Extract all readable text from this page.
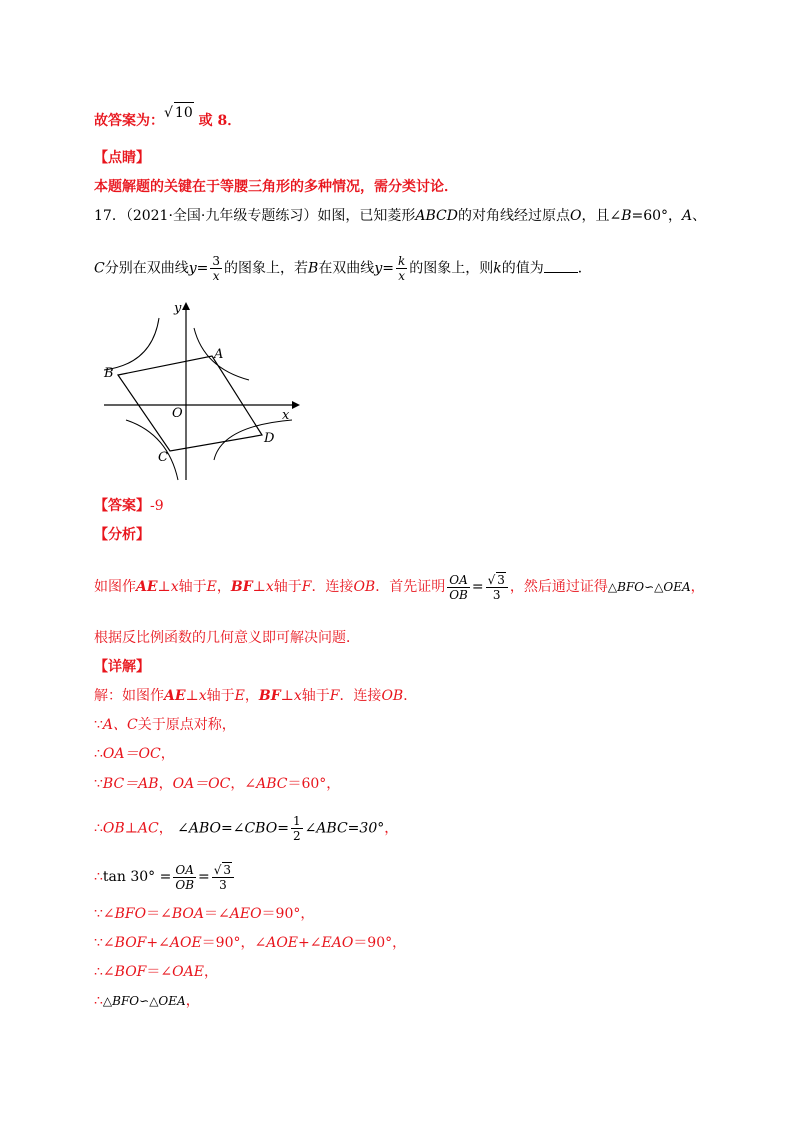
故答案为：√ 10 或 8．
【点睛】
本题解题的关键在于等腰三角形的多种情况，需分类讨论．
17．（2021·全国·九年级专题练习）如图，已知菱形ABCD的对角线经过原点O，且∠B=60°，A、
C分别在双曲线$y= \frac{3}{x}$ 的图象上，若B在双曲线$y= \frac{k}{x}$ 的图象上，则k的值为 ．
y
x
O
A
B
C
D
【答案】-9
【分析】
如图作AE⊥x轴于E，BF⊥x轴于F．连接OB．首先证明 $\frac{OA}{OB} = \frac{√ 3}{3}$ ，然后通过证得△BFO∽△OEA，
根据反比例函数的几何意义即可解决问题．
【详解】
解：如图作AE⊥x轴于E，BF⊥x轴于F．连接OB．
∵A、C关于原点对称，
∴OA＝OC，
∵BC＝AB，OA＝OC，∠ABC＝60°，
∴OB⊥AC， ∠ABO=∠CBO= $\frac{1}{2}$ ∠ABC=30°，
∴tan $30^\circ = \frac{OA}{OB} = \frac{√ 3}{3}$
∵∠BFO＝∠BOA＝∠AEO＝90°，
∵∠BOF+∠AOE＝90°，∠AOE+∠EAO＝90°，
∴∠BOF＝∠OAE，
∴△BFO∽△OEA，
